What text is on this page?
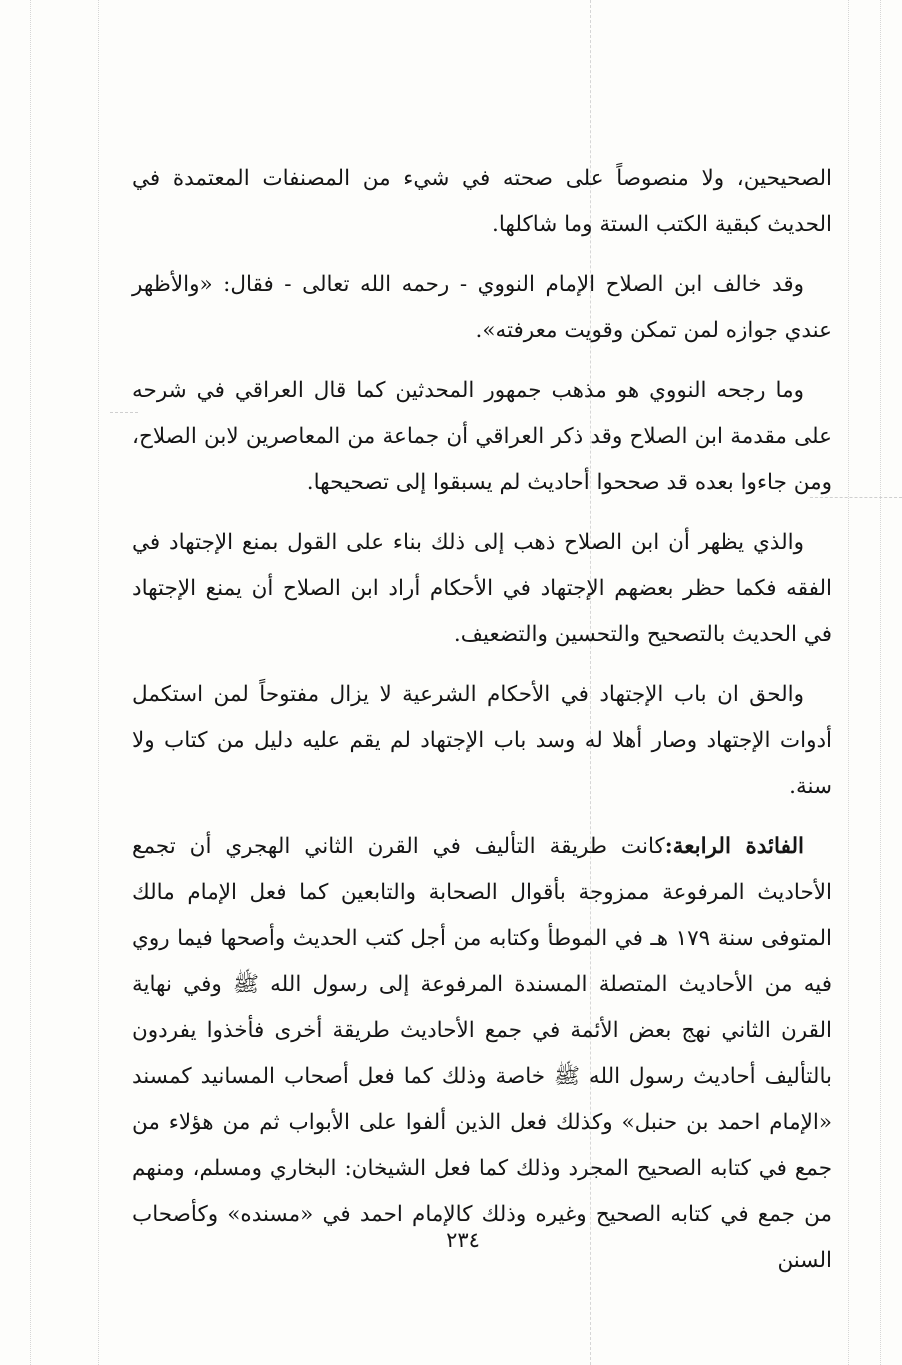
الصحيحين، ولا منصوصاً على صحته في شيء من المصنفات المعتمدة في الحديث كبقية الكتب الستة وما شاكلها.

وقد خالف ابن الصلاح الإمام النووي - رحمه الله تعالى - فقال: «والأظهر عندي جوازه لمن تمكن وقويت معرفته».

وما رجحه النووي هو مذهب جمهور المحدثين كما قال العراقي في شرحه على مقدمة ابن الصلاح وقد ذكر العراقي أن جماعة من المعاصرين لابن الصلاح، ومن جاءوا بعده قد صححوا أحاديث لم يسبقوا إلى تصحيحها.

والذي يظهر أن ابن الصلاح ذهب إلى ذلك بناء على القول بمنع الإجتهاد في الفقه فكما حظر بعضهم الإجتهاد في الأحكام أراد ابن الصلاح أن يمنع الإجتهاد في الحديث بالتصحيح والتحسين والتضعيف.

والحق ان باب الإجتهاد في الأحكام الشرعية لا يزال مفتوحاً لمن استكمل أدوات الإجتهاد وصار أهلا له وسد باب الإجتهاد لم يقم عليه دليل من كتاب ولا سنة.

الفائدة الرابعة:كانت طريقة التأليف في القرن الثاني الهجري أن تجمع الأحاديث المرفوعة ممزوجة بأقوال الصحابة والتابعين كما فعل الإمام مالك المتوفى سنة ١٧٩ هـ في الموطأ وكتابه من أجل كتب الحديث وأصحها فيما روي فيه من الأحاديث المتصلة المسندة المرفوعة إلى رسول الله ﷺ وفي نهاية القرن الثاني نهج بعض الأئمة في جمع الأحاديث طريقة أخرى فأخذوا يفردون بالتأليف أحاديث رسول الله ﷺ خاصة وذلك كما فعل أصحاب المسانيد كمسند «الإمام احمد بن حنبل» وكذلك فعل الذين ألفوا على الأبواب ثم من هؤلاء من جمع في كتابه الصحيح المجرد وذلك كما فعل الشيخان: البخاري ومسلم، ومنهم من جمع في كتابه الصحيح وغيره وذلك كالإمام احمد في «مسنده» وكأصحاب السنن

٢٣٤
